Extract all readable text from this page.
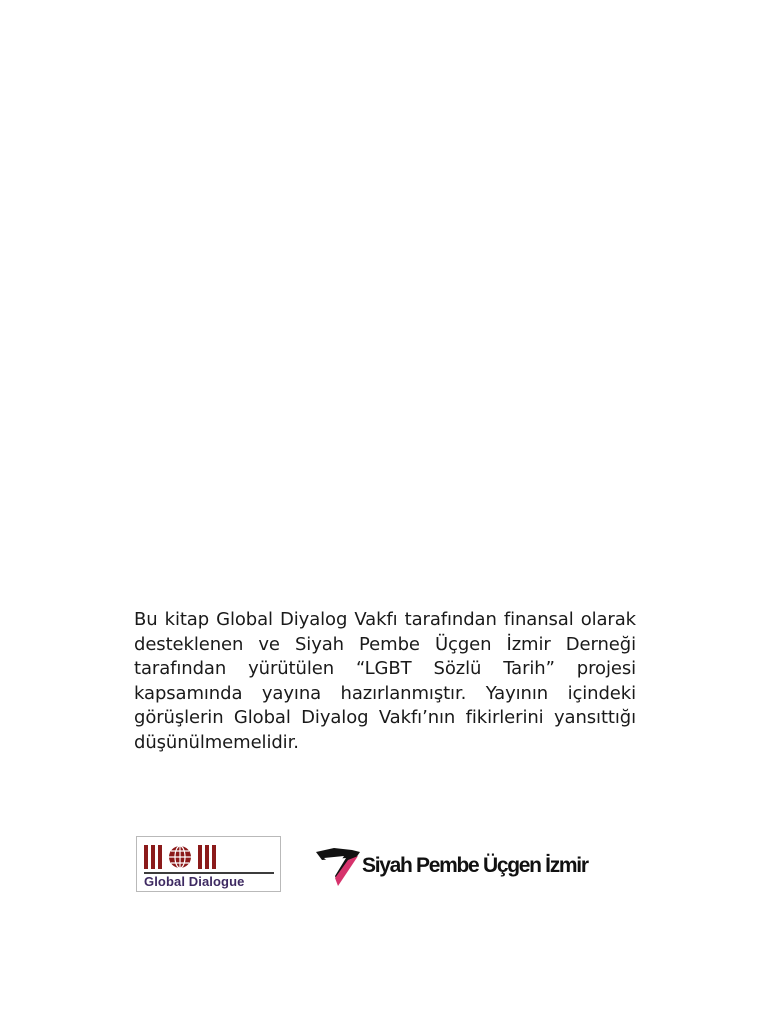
Bu kitap Global Diyalog Vakfı tarafından finansal olarak desteklenen ve Siyah Pembe Üçgen İzmir Derneği tarafından yürütülen “LGBT Sözlü Tarih” projesi kapsamında yayına hazırlanmıştır. Yayının içindeki görüşlerin Global Diyalog Vakfı’nın fikirlerini yansıttığı düşünülmemelidir.

Global Dialogue
Siyah Pembe Üçgen İzmir
